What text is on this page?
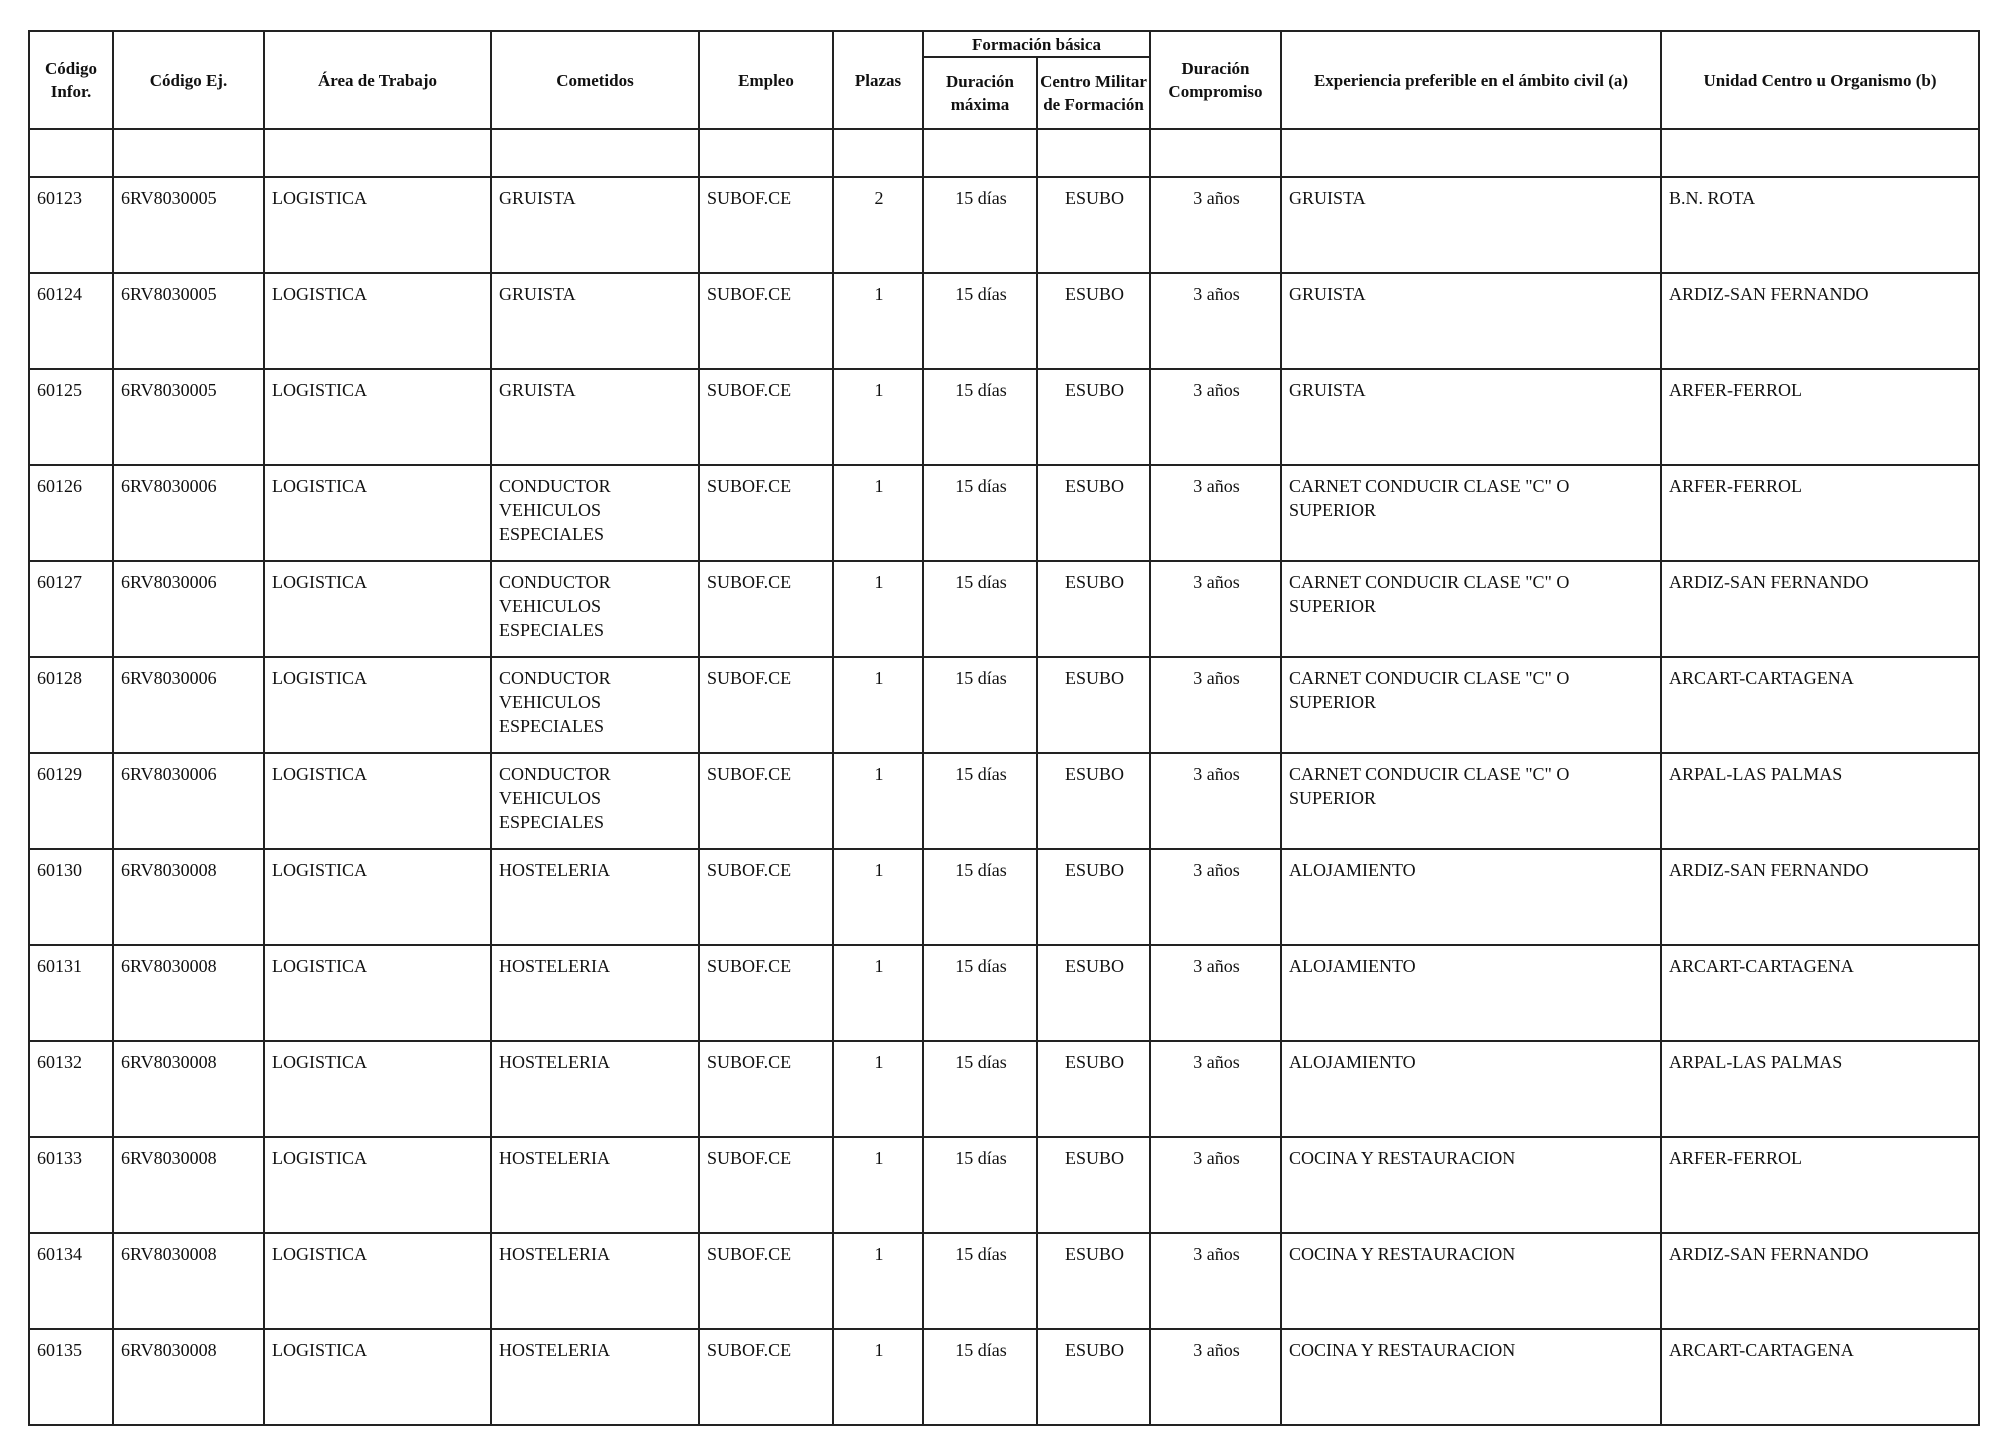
Código Infor.	Código Ej.	Área de Trabajo	Cometidos	Empleo	Plazas	Formación básica		Duración Compromiso	Experiencia preferible en el ámbito civil (a)	Unidad Centro u Organismo (b)
						Duración máxima	Centro Militar de Formación			

60123	6RV8030005	LOGISTICA	GRUISTA	SUBOF.CE	2	15 días	ESUBO	3 años	GRUISTA	B.N. ROTA
60124	6RV8030005	LOGISTICA	GRUISTA	SUBOF.CE	1	15 días	ESUBO	3 años	GRUISTA	ARDIZ-SAN FERNANDO
60125	6RV8030005	LOGISTICA	GRUISTA	SUBOF.CE	1	15 días	ESUBO	3 años	GRUISTA	ARFER-FERROL
60126	6RV8030006	LOGISTICA	CONDUCTOR
VEHICULOS
ESPECIALES	SUBOF.CE	1	15 días	ESUBO	3 años	CARNET CONDUCIR CLASE "C" O
SUPERIOR	ARFER-FERROL
60127	6RV8030006	LOGISTICA	CONDUCTOR
VEHICULOS
ESPECIALES	SUBOF.CE	1	15 días	ESUBO	3 años	CARNET CONDUCIR CLASE "C" O
SUPERIOR	ARDIZ-SAN FERNANDO
60128	6RV8030006	LOGISTICA	CONDUCTOR
VEHICULOS
ESPECIALES	SUBOF.CE	1	15 días	ESUBO	3 años	CARNET CONDUCIR CLASE "C" O
SUPERIOR	ARCART-CARTAGENA
60129	6RV8030006	LOGISTICA	CONDUCTOR
VEHICULOS
ESPECIALES	SUBOF.CE	1	15 días	ESUBO	3 años	CARNET CONDUCIR CLASE "C" O
SUPERIOR	ARPAL-LAS PALMAS
60130	6RV8030008	LOGISTICA	HOSTELERIA	SUBOF.CE	1	15 días	ESUBO	3 años	ALOJAMIENTO	ARDIZ-SAN FERNANDO
60131	6RV8030008	LOGISTICA	HOSTELERIA	SUBOF.CE	1	15 días	ESUBO	3 años	ALOJAMIENTO	ARCART-CARTAGENA
60132	6RV8030008	LOGISTICA	HOSTELERIA	SUBOF.CE	1	15 días	ESUBO	3 años	ALOJAMIENTO	ARPAL-LAS PALMAS
60133	6RV8030008	LOGISTICA	HOSTELERIA	SUBOF.CE	1	15 días	ESUBO	3 años	COCINA Y RESTAURACION	ARFER-FERROL
60134	6RV8030008	LOGISTICA	HOSTELERIA	SUBOF.CE	1	15 días	ESUBO	3 años	COCINA Y RESTAURACION	ARDIZ-SAN FERNANDO
60135	6RV8030008	LOGISTICA	HOSTELERIA	SUBOF.CE	1	15 días	ESUBO	3 años	COCINA Y RESTAURACION	ARCART-CARTAGENA
